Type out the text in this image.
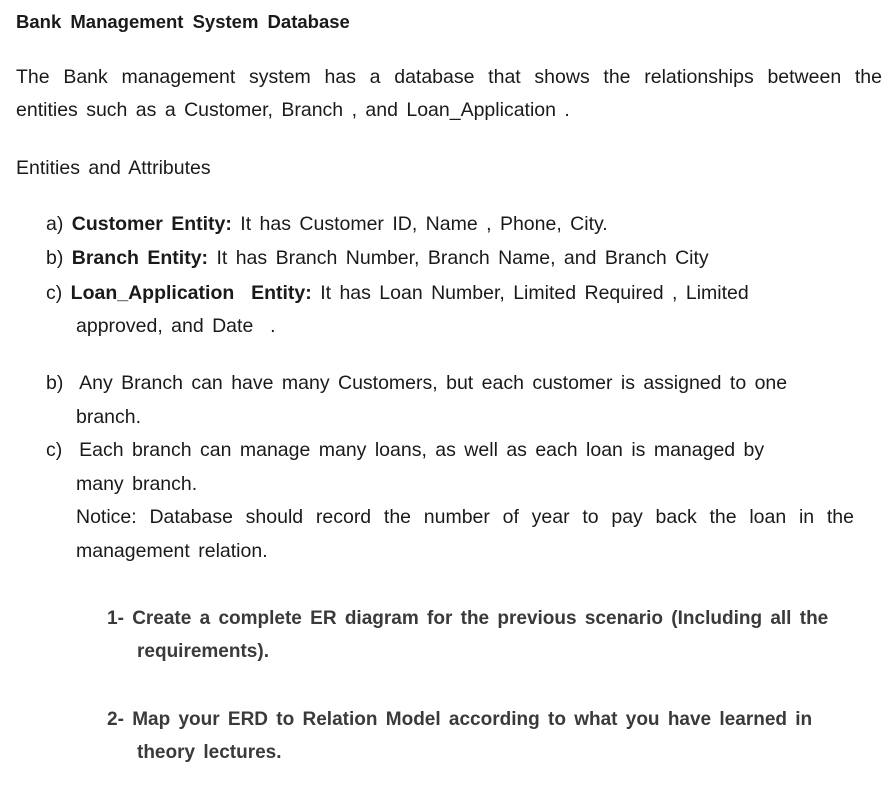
Bank Management System Database
The Bank management system has a database that shows the relationships between the
entities such as a Customer, Branch , and Loan_Application .
Entities and Attributes
a) Customer Entity: It has Customer ID, Name , Phone, City.
b) Branch Entity: It has Branch Number, Branch Name, and Branch City
c) Loan_Application  Entity: It has Loan Number, Limited Required , Limited
approved, and Date  .
b) Any Branch can have many Customers, but each customer is assigned to one
branch.
c) Each branch can manage many loans, as well as each loan is managed by
many branch.
Notice: Database should record the number of year to pay back the loan in the
management relation.
1- Create a complete ER diagram for the previous scenario (Including all the
requirements).
2- Map your ERD to Relation Model according to what you have learned in
theory lectures.
